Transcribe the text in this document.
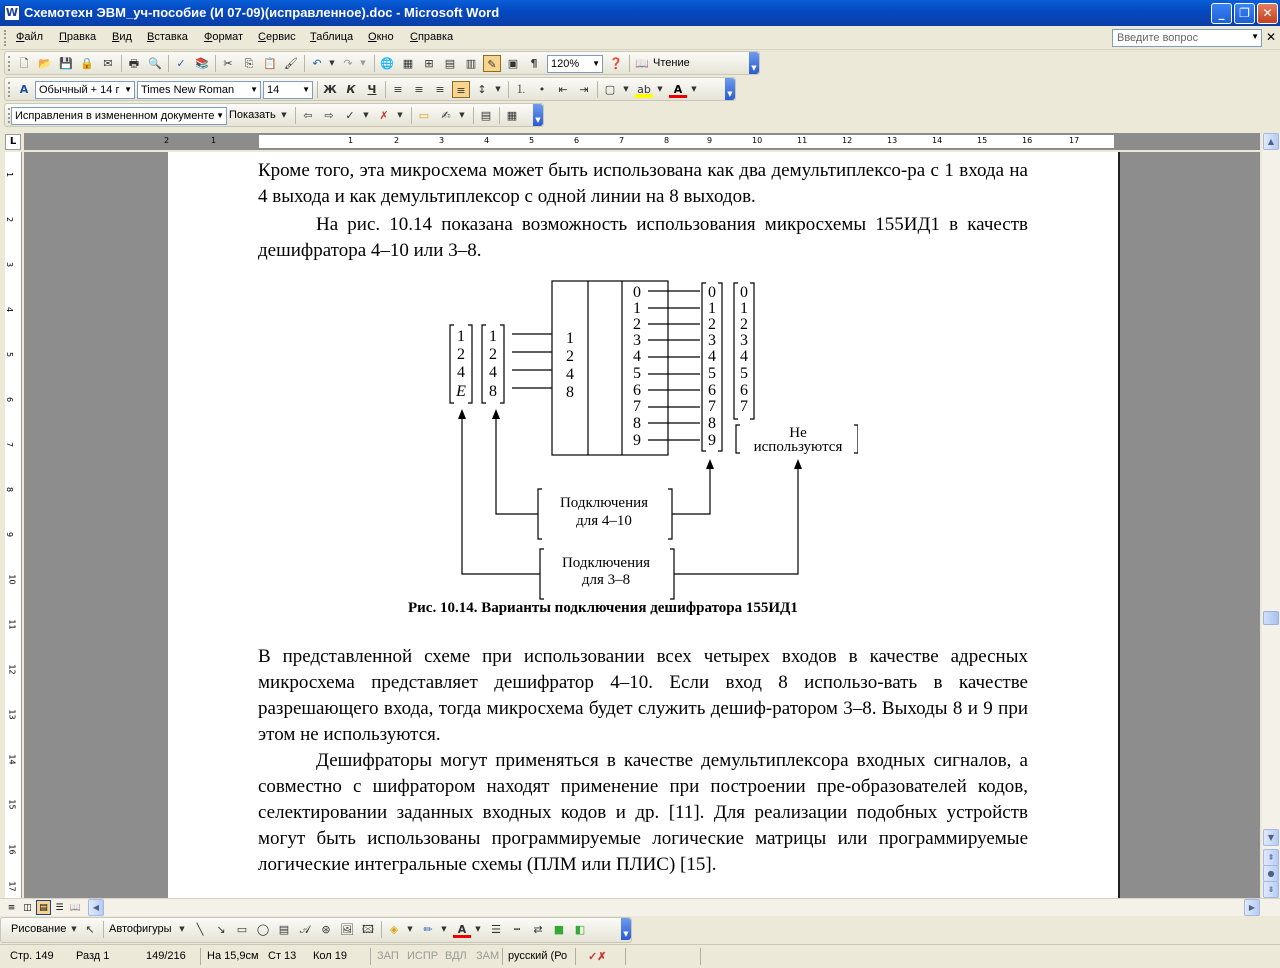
W Схемотехн ЭВМ_уч-пособие (И 07-09)(исправленное).doc - Microsoft Word	_	❐	✕
Файл Правка Вид Вставка Формат Сервис Таблица Окно Справка	Введите вопрос	▼ ✕
🗋 📂 💾 🔒 ✉	🖶 🔍	✓ 📚	✂	⎘ 📋 🖌	↶	▼ ↷	▼	🌐 ▦	⊞	▤ ▥	✎	▣	¶	120% ▼ ❓ 📖 Чтение	▼
A Обычный + 14 г ▼ Times New Roman ▼ 14	▼ Ж К	Ч	≡	≡	≡	≡	↕	▼	⒈	•	⇤	⇥	▢	▼ ab ▼	A	▼
▼
Исправления в измененном документе ▼ Показать ▼	⇦	⇨	✓	▼ ✗	▼	▭	✍	▼	▤	▦	▼
L	2	1	1	2	3	4	5	6	7	8	9	10	11	12	13	14	15	16	17
1
2
3
4
5
6
7
8
9
10
11
12
13
14
15
16
17
Кроме того, эта микросхема может быть использована как два демультиплексо-ра с 1 входа на 4 выхода и как демультиплексор с одной линии на 8 выходов.
На рис. 10.14 показана возможность использования микросхемы 155ИД1 в качеств дешифратора 4–10 или 3–8.
1
2
4
E
1
2
4
8
1
2
4
8
0
1
2
3
4
5
6
7
8
9
0
1
2
3
4
5
6
7
8
9
0
1
2
3
4
5
6
7
Не
используются
Подключения
для 4–10
Подключения
для 3–8
Рис. 10.14. Варианты подключения дешифратора 155ИД1
В представленной схеме при использовании всех четырех входов в качестве адресных микросхема представляет дешифратор 4–10. Если вход 8 использо-вать в качестве разрешающего входа, тогда микросхема будет служить дешиф-ратором 3–8. Выходы 8 и 9 при этом не используются.
Дешифраторы могут применяться в качестве демультиплексора входных сигналов, а совместно с шифратором находят применение при построении пре-образователей кодов, селектировании заданных входных кодов и др. [11]. Для реализации подобных устройств могут быть использованы программируемые логические матрицы или программируемые логические интегральные схемы (ПЛМ или ПЛИС) [15].
▲
▼
⇞
●
⇟
≡ ◫ ▤ ☰ 📖	◀	▶
Рисование ▼ ↖	Автофигуры	▼	╲	↘	▭ ◯ ▤ 𝒜	⊛ 🖼 🖾	◈	▼ ✏	▼	A	▼ ☰	┅	⇄	■ ◧	▼
Стр. 149 Разд 1	149/216 На 15,9см Ст 13 Кол 19	ЗАП ИСПР ВДЛ ЗАМ русский (Ро ✓✗
